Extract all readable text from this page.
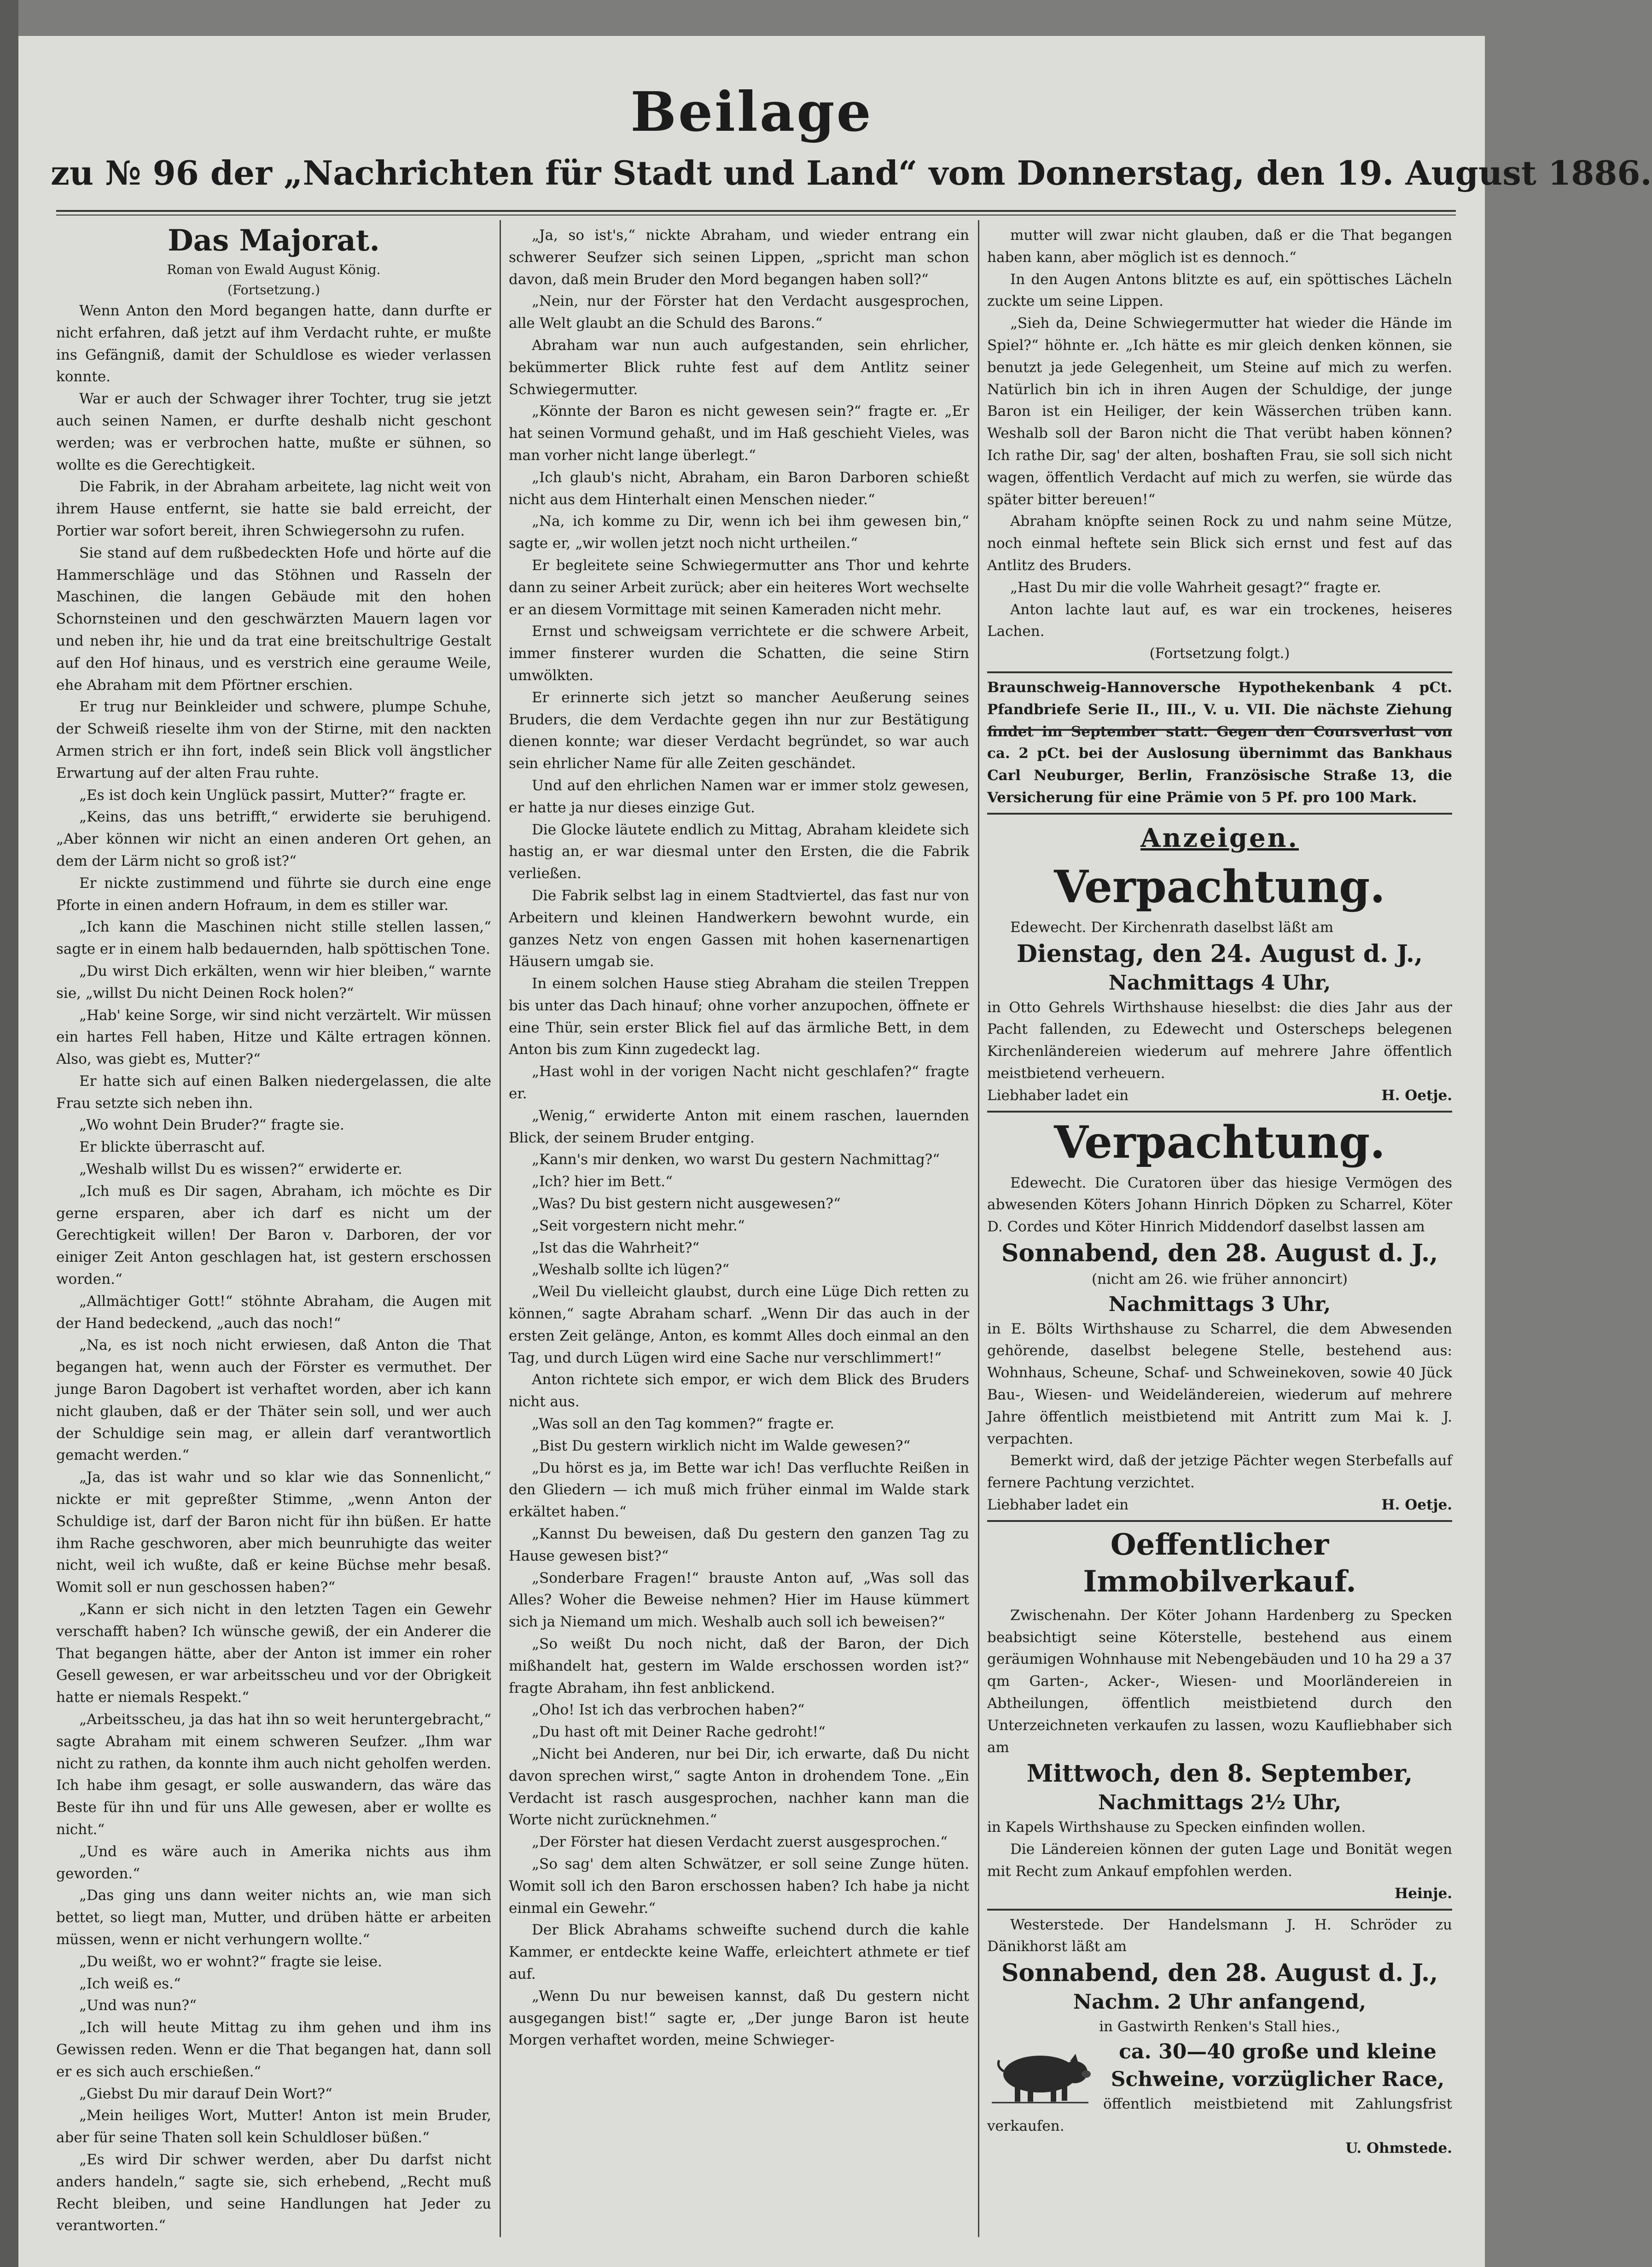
Beilage
zu № 96 der „Nachrichten für Stadt und Land“ vom Donnerstag, den 19. August 1886.
Das Majorat.

Roman von Ewald August König.

(Fortsetzung.)

Wenn Anton den Mord begangen hatte, dann durfte er nicht erfahren, daß jetzt auf ihm Verdacht ruhte, er mußte ins Gefängniß, damit der Schuldlose es wieder verlassen konnte.

War er auch der Schwager ihrer Tochter, trug sie jetzt auch seinen Namen, er durfte deshalb nicht geschont werden; was er verbrochen hatte, mußte er sühnen, so wollte es die Gerechtigkeit.

Die Fabrik, in der Abraham arbeitete, lag nicht weit von ihrem Hause entfernt, sie hatte sie bald erreicht, der Portier war sofort bereit, ihren Schwiegersohn zu rufen.

Sie stand auf dem rußbedeckten Hofe und hörte auf die Hammerschläge und das Stöhnen und Rasseln der Maschinen, die langen Gebäude mit den hohen Schornsteinen und den geschwärzten Mauern lagen vor und neben ihr, hie und da trat eine breitschultrige Gestalt auf den Hof hinaus, und es verstrich eine geraume Weile, ehe Abraham mit dem Pförtner erschien.

Er trug nur Beinkleider und schwere, plumpe Schuhe, der Schweiß rieselte ihm von der Stirne, mit den nackten Armen strich er ihn fort, indeß sein Blick voll ängstlicher Erwartung auf der alten Frau ruhte.

„Es ist doch kein Unglück passirt, Mutter?“ fragte er.

„Keins, das uns betrifft,“ erwiderte sie beruhigend. „Aber können wir nicht an einen anderen Ort gehen, an dem der Lärm nicht so groß ist?“

Er nickte zustimmend und führte sie durch eine enge Pforte in einen andern Hofraum, in dem es stiller war.

„Ich kann die Maschinen nicht stille stellen lassen,“ sagte er in einem halb bedauernden, halb spöttischen Tone.

„Du wirst Dich erkälten, wenn wir hier bleiben,“ warnte sie, „willst Du nicht Deinen Rock holen?“

„Hab' keine Sorge, wir sind nicht verzärtelt. Wir müssen ein hartes Fell haben, Hitze und Kälte ertragen können. Also, was giebt es, Mutter?“

Er hatte sich auf einen Balken niedergelassen, die alte Frau setzte sich neben ihn.

„Wo wohnt Dein Bruder?“ fragte sie.

Er blickte überrascht auf.

„Weshalb willst Du es wissen?“ erwiderte er.

„Ich muß es Dir sagen, Abraham, ich möchte es Dir gerne ersparen, aber ich darf es nicht um der Gerechtigkeit willen! Der Baron v. Darboren, der vor einiger Zeit Anton geschlagen hat, ist gestern erschossen worden.“

„Allmächtiger Gott!“ stöhnte Abraham, die Augen mit der Hand bedeckend, „auch das noch!“

„Na, es ist noch nicht erwiesen, daß Anton die That begangen hat, wenn auch der Förster es vermuthet. Der junge Baron Dagobert ist verhaftet worden, aber ich kann nicht glauben, daß er der Thäter sein soll, und wer auch der Schuldige sein mag, er allein darf verantwortlich gemacht werden.“

„Ja, das ist wahr und so klar wie das Sonnenlicht,“ nickte er mit gepreßter Stimme, „wenn Anton der Schuldige ist, darf der Baron nicht für ihn büßen. Er hatte ihm Rache geschworen, aber mich beunruhigte das weiter nicht, weil ich wußte, daß er keine Büchse mehr besaß. Womit soll er nun geschossen haben?“

„Kann er sich nicht in den letzten Tagen ein Gewehr verschafft haben? Ich wünsche gewiß, der ein Anderer die That begangen hätte, aber der Anton ist immer ein roher Gesell gewesen, er war arbeitsscheu und vor der Obrigkeit hatte er niemals Respekt.“

„Arbeitsscheu, ja das hat ihn so weit heruntergebracht,“ sagte Abraham mit einem schweren Seufzer. „Ihm war nicht zu rathen, da konnte ihm auch nicht geholfen werden. Ich habe ihm gesagt, er solle auswandern, das wäre das Beste für ihn und für uns Alle gewesen, aber er wollte es nicht.“

„Und es wäre auch in Amerika nichts aus ihm geworden.“

„Das ging uns dann weiter nichts an, wie man sich bettet, so liegt man, Mutter, und drüben hätte er arbeiten müssen, wenn er nicht verhungern wollte.“

„Du weißt, wo er wohnt?“ fragte sie leise.

„Ich weiß es.“

„Und was nun?“

„Ich will heute Mittag zu ihm gehen und ihm ins Gewissen reden. Wenn er die That begangen hat, dann soll er es sich auch erschießen.“

„Giebst Du mir darauf Dein Wort?“

„Mein heiliges Wort, Mutter! Anton ist mein Bruder, aber für seine Thaten soll kein Schuldloser büßen.“

„Es wird Dir schwer werden, aber Du darfst nicht anders handeln,“ sagte sie, sich erhebend, „Recht muß Recht bleiben, und seine Handlungen hat Jeder zu verantworten.“

„Ja, so ist's,“ nickte Abraham, und wieder entrang ein schwerer Seufzer sich seinen Lippen, „spricht man schon davon, daß mein Bruder den Mord begangen haben soll?“

„Nein, nur der Förster hat den Verdacht ausgesprochen, alle Welt glaubt an die Schuld des Barons.“

Abraham war nun auch aufgestanden, sein ehrlicher, bekümmerter Blick ruhte fest auf dem Antlitz seiner Schwiegermutter.

„Könnte der Baron es nicht gewesen sein?“ fragte er. „Er hat seinen Vormund gehaßt, und im Haß geschieht Vieles, was man vorher nicht lange überlegt.“

„Ich glaub's nicht, Abraham, ein Baron Darboren schießt nicht aus dem Hinterhalt einen Menschen nieder.“

„Na, ich komme zu Dir, wenn ich bei ihm gewesen bin,“ sagte er, „wir wollen jetzt noch nicht urtheilen.“

Er begleitete seine Schwiegermutter ans Thor und kehrte dann zu seiner Arbeit zurück; aber ein heiteres Wort wechselte er an diesem Vormittage mit seinen Kameraden nicht mehr.

Ernst und schweigsam verrichtete er die schwere Arbeit, immer finsterer wurden die Schatten, die seine Stirn umwölkten.

Er erinnerte sich jetzt so mancher Aeußerung seines Bruders, die dem Verdachte gegen ihn nur zur Bestätigung dienen konnte; war dieser Verdacht begründet, so war auch sein ehrlicher Name für alle Zeiten geschändet.

Und auf den ehrlichen Namen war er immer stolz gewesen, er hatte ja nur dieses einzige Gut.

Die Glocke läutete endlich zu Mittag, Abraham kleidete sich hastig an, er war diesmal unter den Ersten, die die Fabrik verließen.

Die Fabrik selbst lag in einem Stadtviertel, das fast nur von Arbeitern und kleinen Handwerkern bewohnt wurde, ein ganzes Netz von engen Gassen mit hohen kasernenartigen Häusern umgab sie.

In einem solchen Hause stieg Abraham die steilen Treppen bis unter das Dach hinauf; ohne vorher anzupochen, öffnete er eine Thür, sein erster Blick fiel auf das ärmliche Bett, in dem Anton bis zum Kinn zugedeckt lag.

„Hast wohl in der vorigen Nacht nicht geschlafen?“ fragte er.

„Wenig,“ erwiderte Anton mit einem raschen, lauernden Blick, der seinem Bruder entging.

„Kann's mir denken, wo warst Du gestern Nachmittag?“

„Ich? hier im Bett.“

„Was? Du bist gestern nicht ausgewesen?“

„Seit vorgestern nicht mehr.“

„Ist das die Wahrheit?“

„Weshalb sollte ich lügen?“

„Weil Du vielleicht glaubst, durch eine Lüge Dich retten zu können,“ sagte Abraham scharf. „Wenn Dir das auch in der ersten Zeit gelänge, Anton, es kommt Alles doch einmal an den Tag, und durch Lügen wird eine Sache nur verschlimmert!“

Anton richtete sich empor, er wich dem Blick des Bruders nicht aus.

„Was soll an den Tag kommen?“ fragte er.

„Bist Du gestern wirklich nicht im Walde gewesen?“

„Du hörst es ja, im Bette war ich! Das verfluchte Reißen in den Gliedern — ich muß mich früher einmal im Walde stark erkältet haben.“

„Kannst Du beweisen, daß Du gestern den ganzen Tag zu Hause gewesen bist?“

„Sonderbare Fragen!“ brauste Anton auf, „Was soll das Alles? Woher die Beweise nehmen? Hier im Hause kümmert sich ja Niemand um mich. Weshalb auch soll ich beweisen?“

„So weißt Du noch nicht, daß der Baron, der Dich mißhandelt hat, gestern im Walde erschossen worden ist?“ fragte Abraham, ihn fest anblickend.

„Oho! Ist ich das verbrochen haben?“

„Du hast oft mit Deiner Rache gedroht!“

„Nicht bei Anderen, nur bei Dir, ich erwarte, daß Du nicht davon sprechen wirst,“ sagte Anton in drohendem Tone. „Ein Verdacht ist rasch ausgesprochen, nachher kann man die Worte nicht zurücknehmen.“

„Der Förster hat diesen Verdacht zuerst ausgesprochen.“

„So sag' dem alten Schwätzer, er soll seine Zunge hüten. Womit soll ich den Baron erschossen haben? Ich habe ja nicht einmal ein Gewehr.“

Der Blick Abrahams schweifte suchend durch die kahle Kammer, er entdeckte keine Waffe, erleichtert athmete er tief auf.

„Wenn Du nur beweisen kannst, daß Du gestern nicht ausgegangen bist!“ sagte er, „Der junge Baron ist heute Morgen verhaftet worden, meine Schwieger-

mutter will zwar nicht glauben, daß er die That begangen haben kann, aber möglich ist es dennoch.“

In den Augen Antons blitzte es auf, ein spöttisches Lächeln zuckte um seine Lippen.

„Sieh da, Deine Schwiegermutter hat wieder die Hände im Spiel?“ höhnte er. „Ich hätte es mir gleich denken können, sie benutzt ja jede Gelegenheit, um Steine auf mich zu werfen. Natürlich bin ich in ihren Augen der Schuldige, der junge Baron ist ein Heiliger, der kein Wässerchen trüben kann. Weshalb soll der Baron nicht die That verübt haben können? Ich rathe Dir, sag' der alten, boshaften Frau, sie soll sich nicht wagen, öffentlich Verdacht auf mich zu werfen, sie würde das später bitter bereuen!“

Abraham knöpfte seinen Rock zu und nahm seine Mütze, noch einmal heftete sein Blick sich ernst und fest auf das Antlitz des Bruders.

„Hast Du mir die volle Wahrheit gesagt?“ fragte er.

Anton lachte laut auf, es war ein trockenes, heiseres Lachen.

(Fortsetzung folgt.)

Braunschweig-Hannoversche Hypothekenbank 4 pCt. Pfandbriefe Serie II., III., V. u. VII. Die nächste Ziehung findet im September statt. Gegen den Coursverlust von ca. 2 pCt. bei der Auslosung übernimmt das Bankhaus Carl Neuburger, Berlin, Französische Straße 13, die Versicherung für eine Prämie von 5 Pf. pro 100 Mark.

Anzeigen.
Verpachtung.

Edewecht. Der Kirchenrath daselbst läßt am

Dienstag, den 24. August d. J.,

Nachmittags 4 Uhr,

in Otto Gehrels Wirthshause hieselbst: die dies Jahr aus der Pacht fallenden, zu Edewecht und Osterscheps belegenen Kirchenländereien wiederum auf mehrere Jahre öffentlich meistbietend verheuern.

Liebhaber ladet ein	H. Oetje.

Verpachtung.

Edewecht. Die Curatoren über das hiesige Vermögen des abwesenden Köters Johann Hinrich Döpken zu Scharrel, Köter D. Cordes und Köter Hinrich Middendorf daselbst lassen am

Sonnabend, den 28. August d. J.,

(nicht am 26. wie früher annoncirt)

Nachmittags 3 Uhr,

in E. Bölts Wirthshause zu Scharrel, die dem Abwesenden gehörende, daselbst belegene Stelle, bestehend aus: Wohnhaus, Scheune, Schaf- und Schweinekoven, sowie 40 Jück Bau-, Wiesen- und Weideländereien, wiederum auf mehrere Jahre öffentlich meistbietend mit Antritt zum Mai k. J. verpachten.

Bemerkt wird, daß der jetzige Pächter wegen Sterbefalls auf fernere Pachtung verzichtet.

Liebhaber ladet ein	H. Oetje.

Oeffentlicher Immobilverkauf.

Zwischenahn. Der Köter Johann Hardenberg zu Specken beabsichtigt seine Köterstelle, bestehend aus einem geräumigen Wohnhause mit Nebengebäuden und 10 ha 29 a 37 qm Garten-, Acker-, Wiesen- und Moorländereien in Abtheilungen, öffentlich meistbietend durch den Unterzeichneten verkaufen zu lassen, wozu Kaufliebhaber sich am

Mittwoch, den 8. September,

Nachmittags 2½ Uhr,

in Kapels Wirthshause zu Specken einfinden wollen.

Die Ländereien können der guten Lage und Bonität wegen mit Recht zum Ankauf empfohlen werden.

Heinje.

Westerstede. Der Handelsmann J. H. Schröder zu Dänikhorst läßt am

Sonnabend, den 28. August d. J.,

Nachm. 2 Uhr anfangend,

in Gastwirth Renken's Stall hies.,

ca. 30—40 große und kleine Schweine, vorzüglicher Race,

öffentlich meistbietend mit Zahlungsfrist verkaufen.

U. Ohmstede.
